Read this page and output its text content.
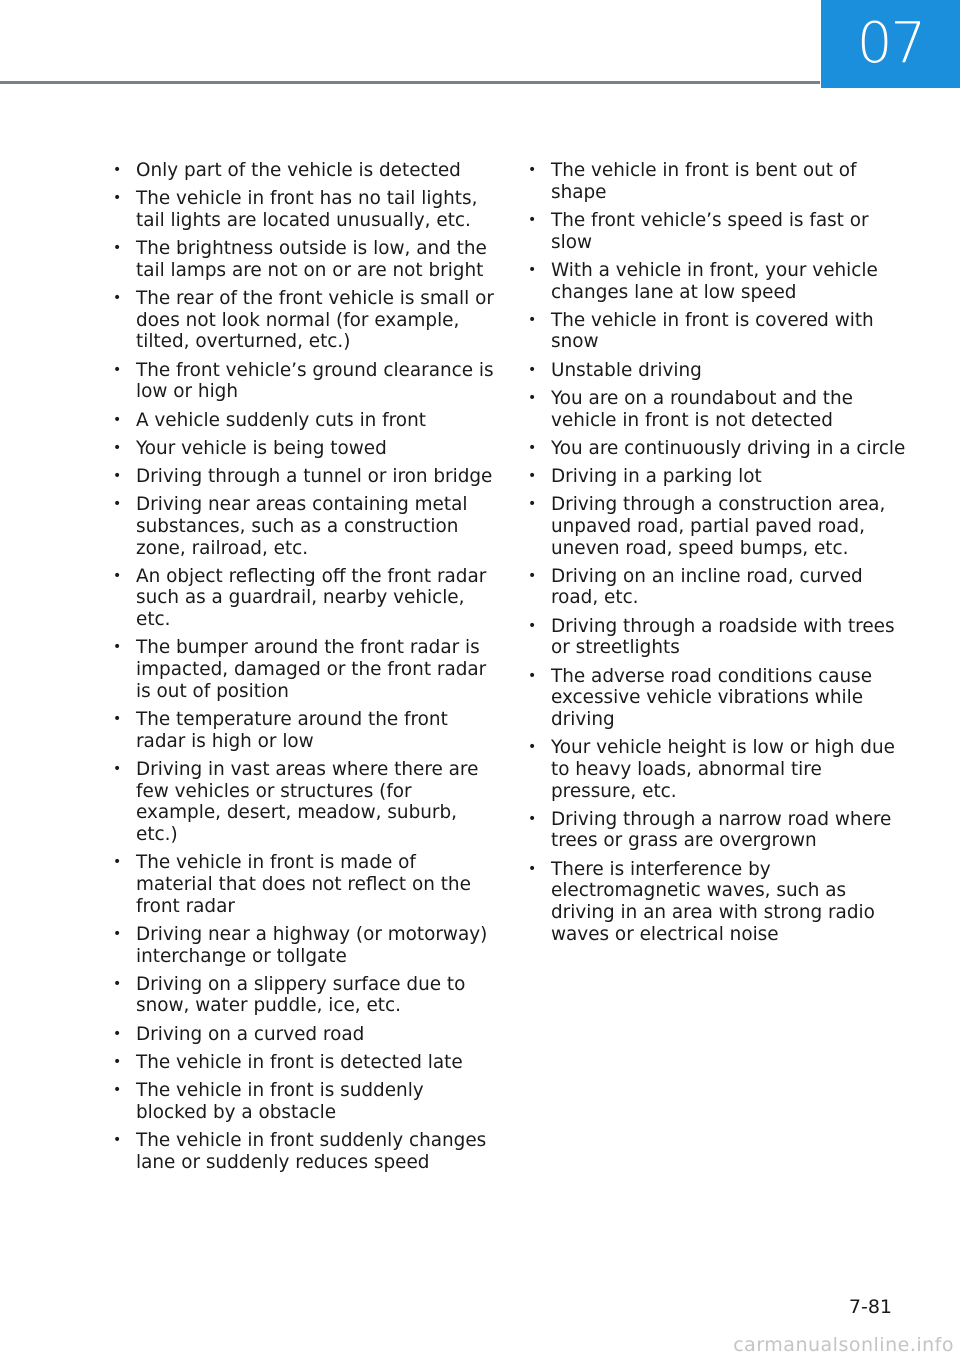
07
• Only part of the vehicle is detected
• The vehicle in front has no tail lights, tail lights are located unusually, etc.
• The brightness outside is low, and the tail lamps are not on or are not bright
• The rear of the front vehicle is small or does not look normal (for example, tilted, overturned, etc.)
• The front vehicle’s ground clearance is low or high
• A vehicle suddenly cuts in front
• Your vehicle is being towed
• Driving through a tunnel or iron bridge
• Driving near areas containing metal substances, such as a construction zone, railroad, etc.
• An object reflecting off the front radar such as a guardrail, nearby vehicle, etc.
• The bumper around the front radar is impacted, damaged or the front radar is out of position
• The temperature around the front radar is high or low
• Driving in vast areas where there are few vehicles or structures (for example, desert, meadow, suburb, etc.)
• The vehicle in front is made of material that does not reflect on the front radar
• Driving near a highway (or motorway) interchange or tollgate
• Driving on a slippery surface due to snow, water puddle, ice, etc.
• Driving on a curved road
• The vehicle in front is detected late
• The vehicle in front is suddenly blocked by a obstacle
• The vehicle in front suddenly changes lane or suddenly reduces speed
• The vehicle in front is bent out of shape
• The front vehicle’s speed is fast or slow
• With a vehicle in front, your vehicle changes lane at low speed
• The vehicle in front is covered with snow
• Unstable driving
• You are on a roundabout and the vehicle in front is not detected
• You are continuously driving in a circle
• Driving in a parking lot
• Driving through a construction area, unpaved road, partial paved road, uneven road, speed bumps, etc.
• Driving on an incline road, curved road, etc.
• Driving through a roadside with trees or streetlights
• The adverse road conditions cause excessive vehicle vibrations while driving
• Your vehicle height is low or high due to heavy loads, abnormal tire pressure, etc.
• Driving through a narrow road where trees or grass are overgrown
• There is interference by electromagnetic waves, such as driving in an area with strong radio waves or electrical noise
7-81
carmanualsonline.info
